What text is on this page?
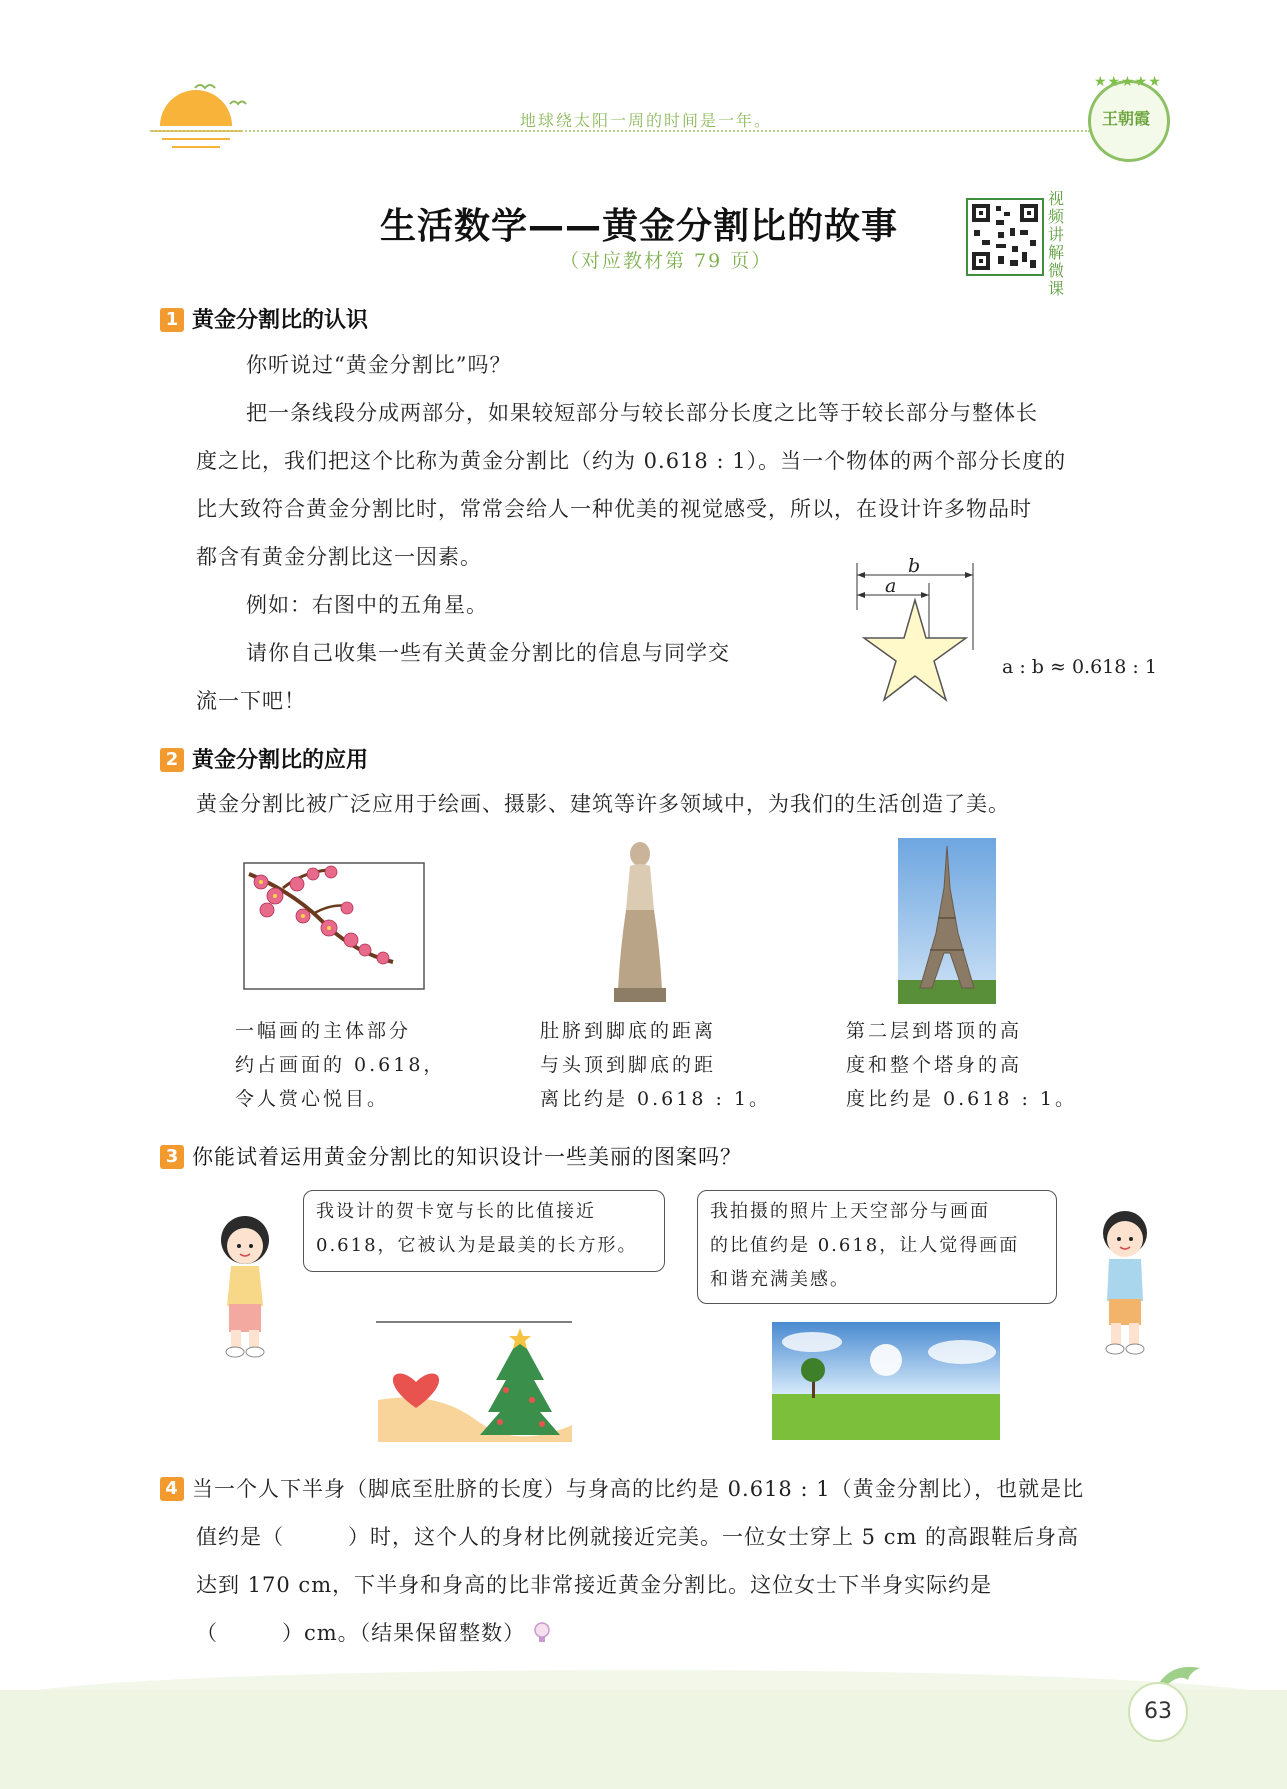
地球绕太阳一周的时间是一年。
★★★★★
王朝霞
生活数学——黄金分割比的故事
（对应教材第 79 页）
视频讲解微课
1 黄金分割比的认识
你听说过“黄金分割比”吗？
把一条线段分成两部分，如果较短部分与较长部分长度之比等于较长部分与整体长
度之比，我们把这个比称为黄金分割比（约为 0.618 : 1）。当一个物体的两个部分长度的
比大致符合黄金分割比时，常常会给人一种优美的视觉感受，所以，在设计许多物品时
都含有黄金分割比这一因素。
例如：右图中的五角星。
请你自己收集一些有关黄金分割比的信息与同学交
流一下吧！
b
a
a : b ≈ 0.618 : 1
2 黄金分割比的应用
黄金分割比被广泛应用于绘画、摄影、建筑等许多领域中，为我们的生活创造了美。
一幅画的主体部分
约占画面的 0.618，
令人赏心悦目。
肚脐到脚底的距离
与头顶到脚底的距
离比约是 0.618 : 1。
第二层到塔顶的高
度和整个塔身的高
度比约是 0.618 : 1。
3 你能试着运用黄金分割比的知识设计一些美丽的图案吗？
我设计的贺卡宽与长的比值接近
0.618，它被认为是最美的长方形。
我拍摄的照片上天空部分与画面
的比值约是 0.618，让人觉得画面
和谐充满美感。
4 当一个人下半身（脚底至肚脐的长度）与身高的比约是 0.618 : 1（黄金分割比），也就是比
值约是（	）时，这个人的身材比例就接近完美。一位女士穿上 5 cm 的高跟鞋后身高
达到 170 cm，下半身和身高的比非常接近黄金分割比。这位女士下半身实际约是
（	）cm。（结果保留整数）
63
